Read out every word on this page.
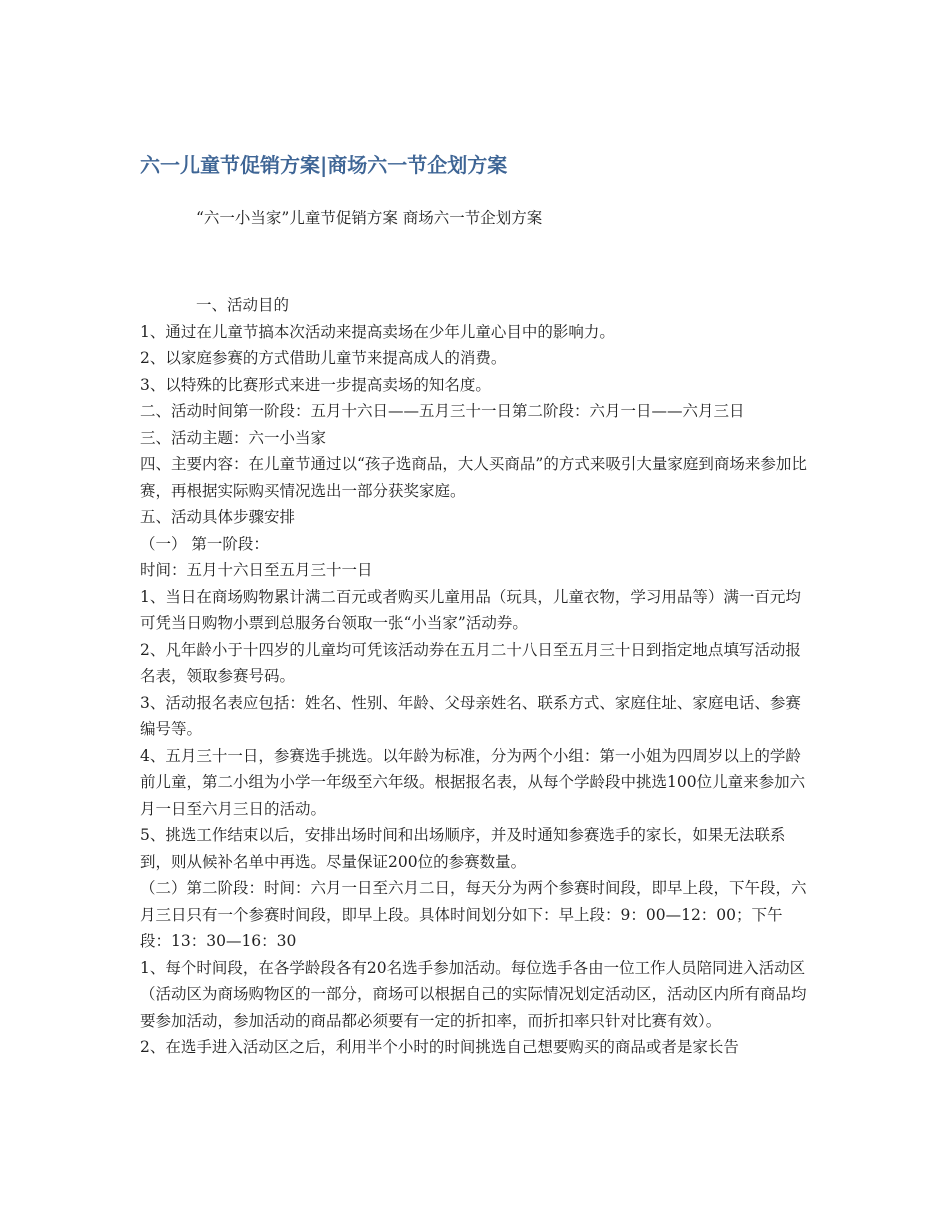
六一儿童节促销方案|商场六一节企划方案

“六一小当家”儿童节促销方案 商场六一节企划方案

一、活动目的

1、通过在儿童节搞本次活动来提高卖场在少年儿童心目中的影响力。

2、以家庭参赛的方式借助儿童节来提高成人的消费。

3、以特殊的比赛形式来进一步提高卖场的知名度。

二、活动时间第一阶段：五月十六日——五月三十一日第二阶段：六月一日——六月三日

三、活动主题：六一小当家

四、主要内容：在儿童节通过以“孩子选商品，大人买商品”的方式来吸引大量家庭到商场来参加比赛，再根据实际购买情况选出一部分获奖家庭。

五、活动具体步骤安排

（一） 第一阶段：

时间：五月十六日至五月三十一日

1、当日在商场购物累计满二百元或者购买儿童用品（玩具，儿童衣物，学习用品等）满一百元均可凭当日购物小票到总服务台领取一张“小当家”活动券。

2、凡年龄小于十四岁的儿童均可凭该活动券在五月二十八日至五月三十日到指定地点填写活动报名表，领取参赛号码。

3、活动报名表应包括：姓名、性别、年龄、父母亲姓名、联系方式、家庭住址、家庭电话、参赛编号等。

4、五月三十一日，参赛选手挑选。以年龄为标准，分为两个小组：第一小姐为四周岁以上的学龄前儿童，第二小组为小学一年级至六年级。根据报名表，从每个学龄段中挑选100位儿童来参加六月一日至六月三日的活动。

5、挑选工作结束以后，安排出场时间和出场顺序，并及时通知参赛选手的家长，如果无法联系到，则从候补名单中再选。尽量保证200位的参赛数量。

（二）第二阶段：时间：六月一日至六月二日，每天分为两个参赛时间段，即早上段，下午段，六月三日只有一个参赛时间段，即早上段。具体时间划分如下：早上段：9：00—12：00；下午段：13：30—16：30

1、每个时间段，在各学龄段各有20名选手参加活动。每位选手各由一位工作人员陪同进入活动区（活动区为商场购物区的一部分，商场可以根据自己的实际情况划定活动区，活动区内所有商品均要参加活动，参加活动的商品都必须要有一定的折扣率，而折扣率只针对比赛有效）。

2、在选手进入活动区之后，利用半个小时的时间挑选自己想要购买的商品或者是家长告
